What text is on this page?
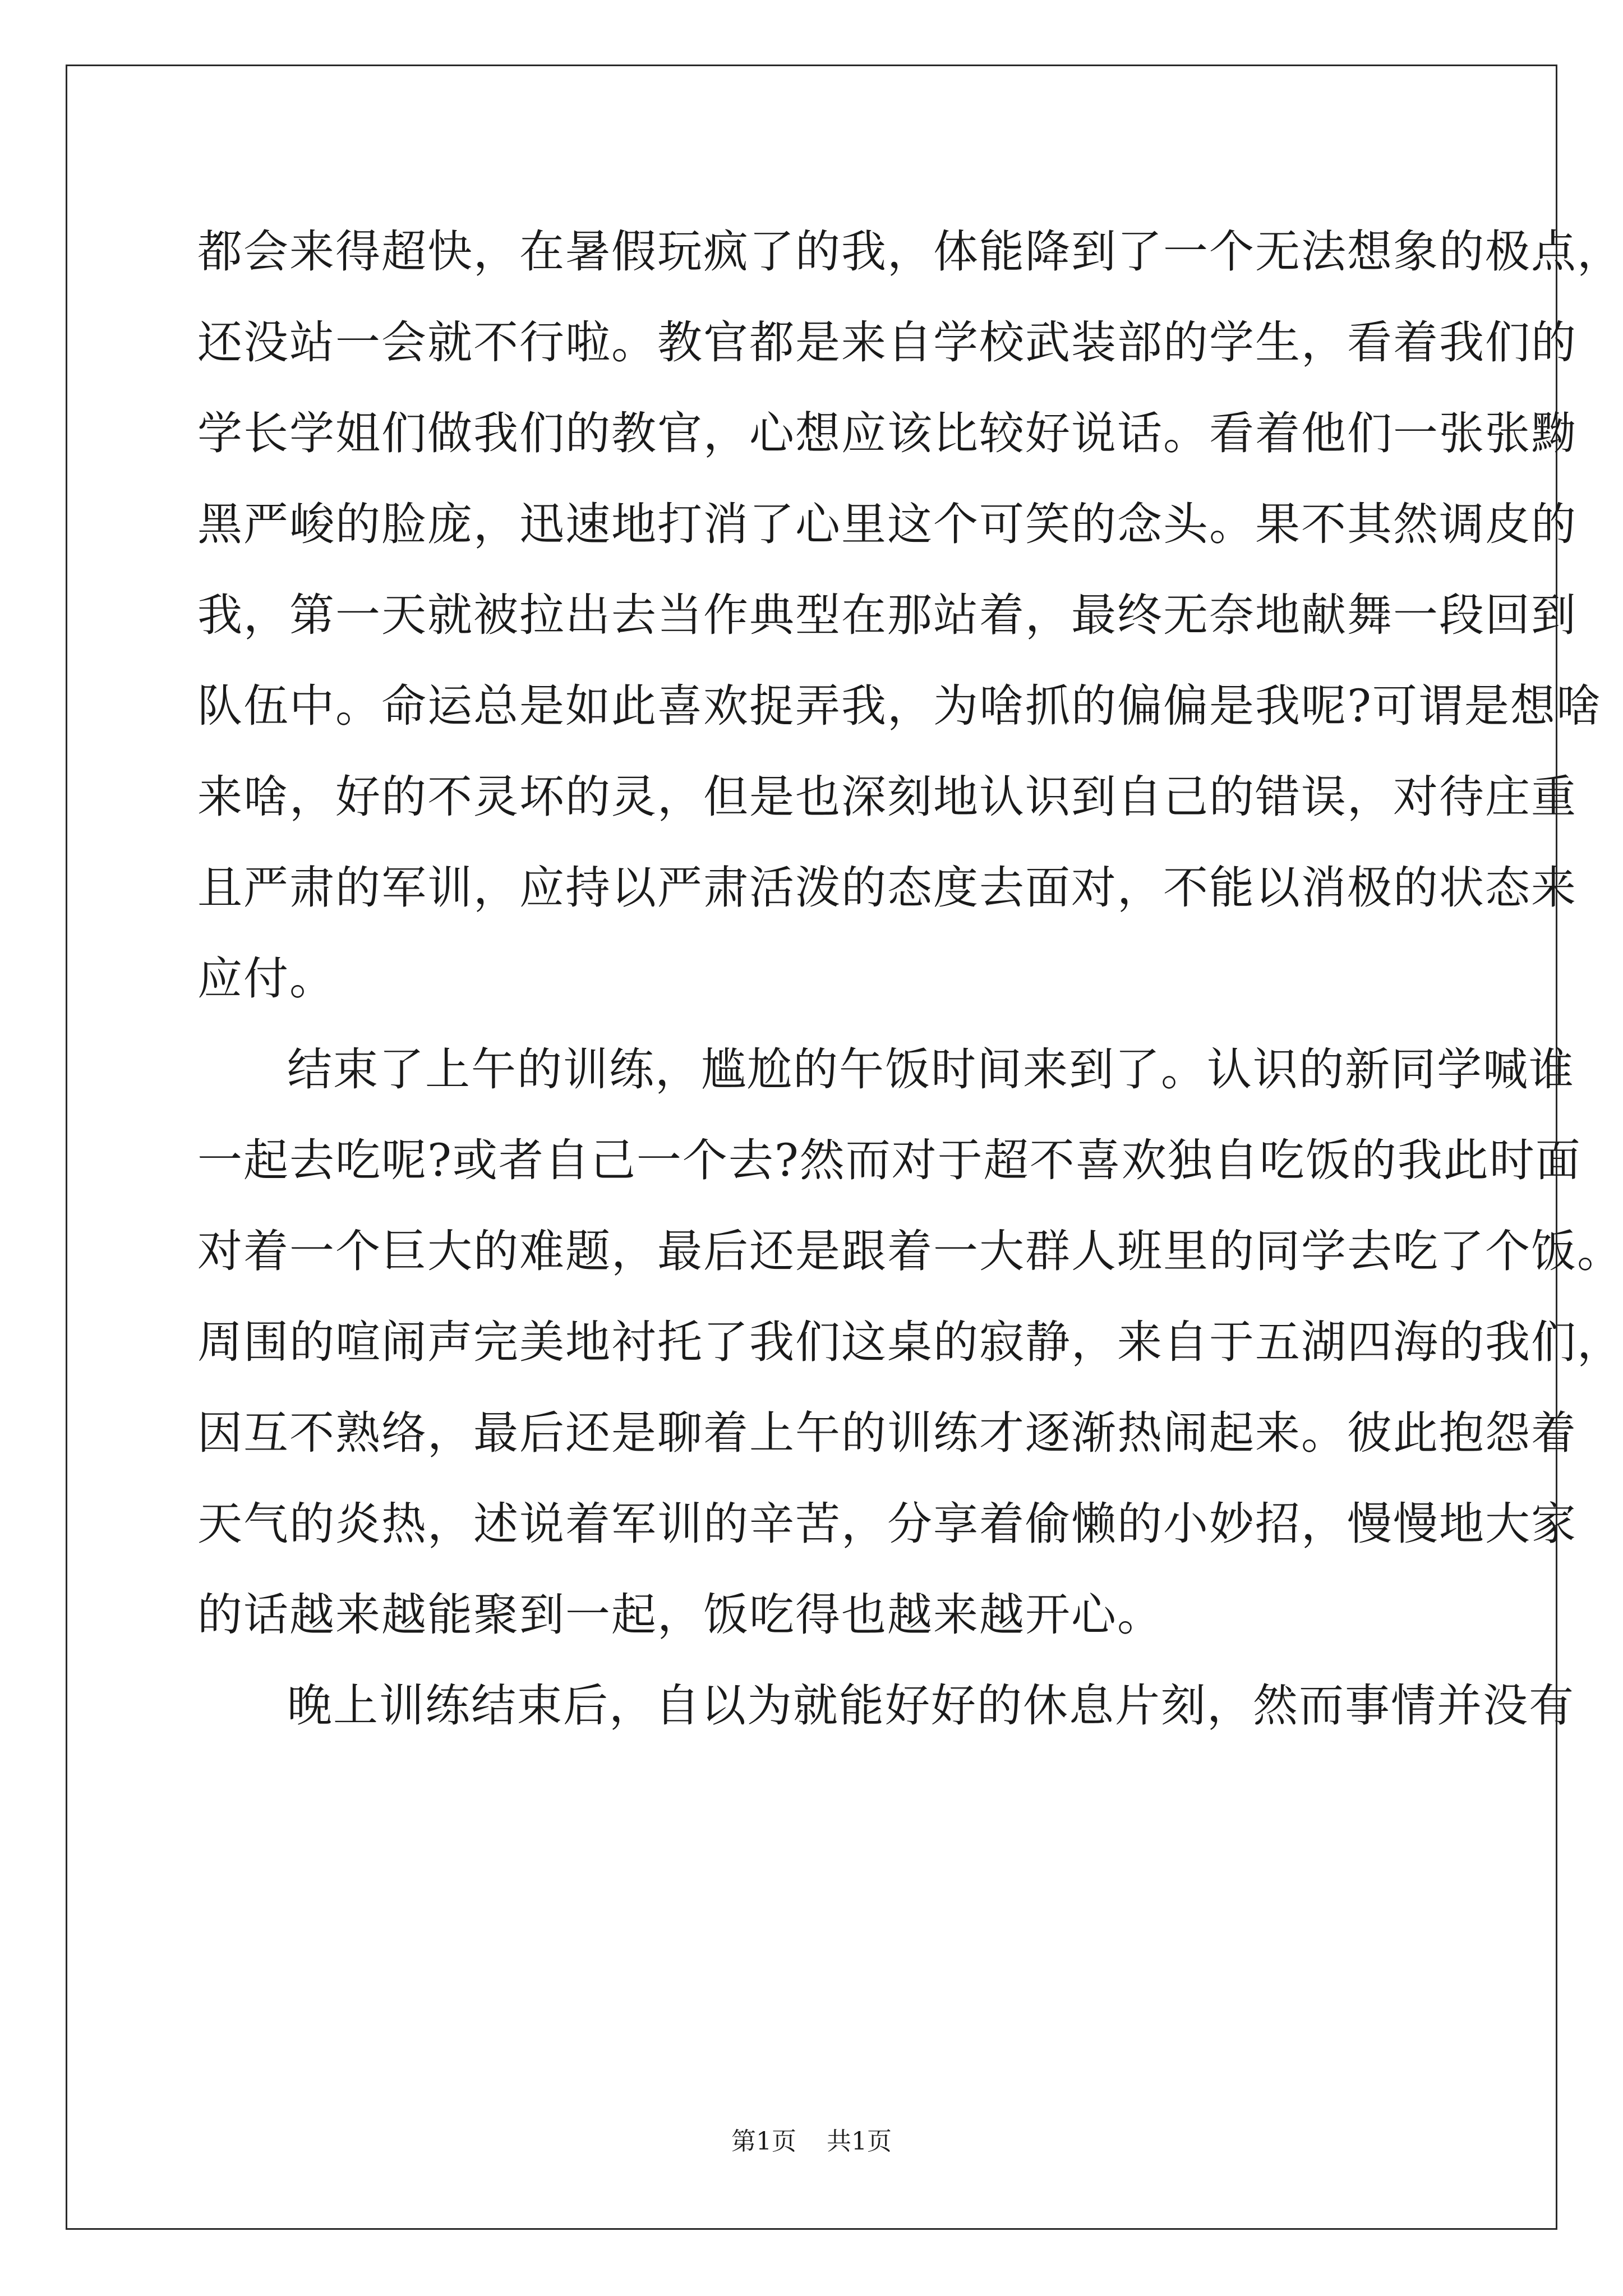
都会来得超快，在暑假玩疯了的我，体能降到了一个无法想象的极点，
还没站一会就不行啦。教官都是来自学校武装部的学生，看着我们的
学长学姐们做我们的教官，心想应该比较好说话。看着他们一张张黝
黑严峻的脸庞，迅速地打消了心里这个可笑的念头。果不其然调皮的
我，第一天就被拉出去当作典型在那站着，最终无奈地献舞一段回到
队伍中。命运总是如此喜欢捉弄我，为啥抓的偏偏是我呢?可谓是想啥
来啥，好的不灵坏的灵，但是也深刻地认识到自己的错误，对待庄重
且严肃的军训，应持以严肃活泼的态度去面对，不能以消极的状态来
应付。
结束了上午的训练，尴尬的午饭时间来到了。认识的新同学喊谁
一起去吃呢?或者自己一个去?然而对于超不喜欢独自吃饭的我此时面
对着一个巨大的难题，最后还是跟着一大群人班里的同学去吃了个饭。
周围的喧闹声完美地衬托了我们这桌的寂静，来自于五湖四海的我们，
因互不熟络，最后还是聊着上午的训练才逐渐热闹起来。彼此抱怨着
天气的炎热，述说着军训的辛苦，分享着偷懒的小妙招，慢慢地大家
的话越来越能聚到一起，饭吃得也越来越开心。
晚上训练结束后，自以为就能好好的休息片刻，然而事情并没有
第1页 共1页
